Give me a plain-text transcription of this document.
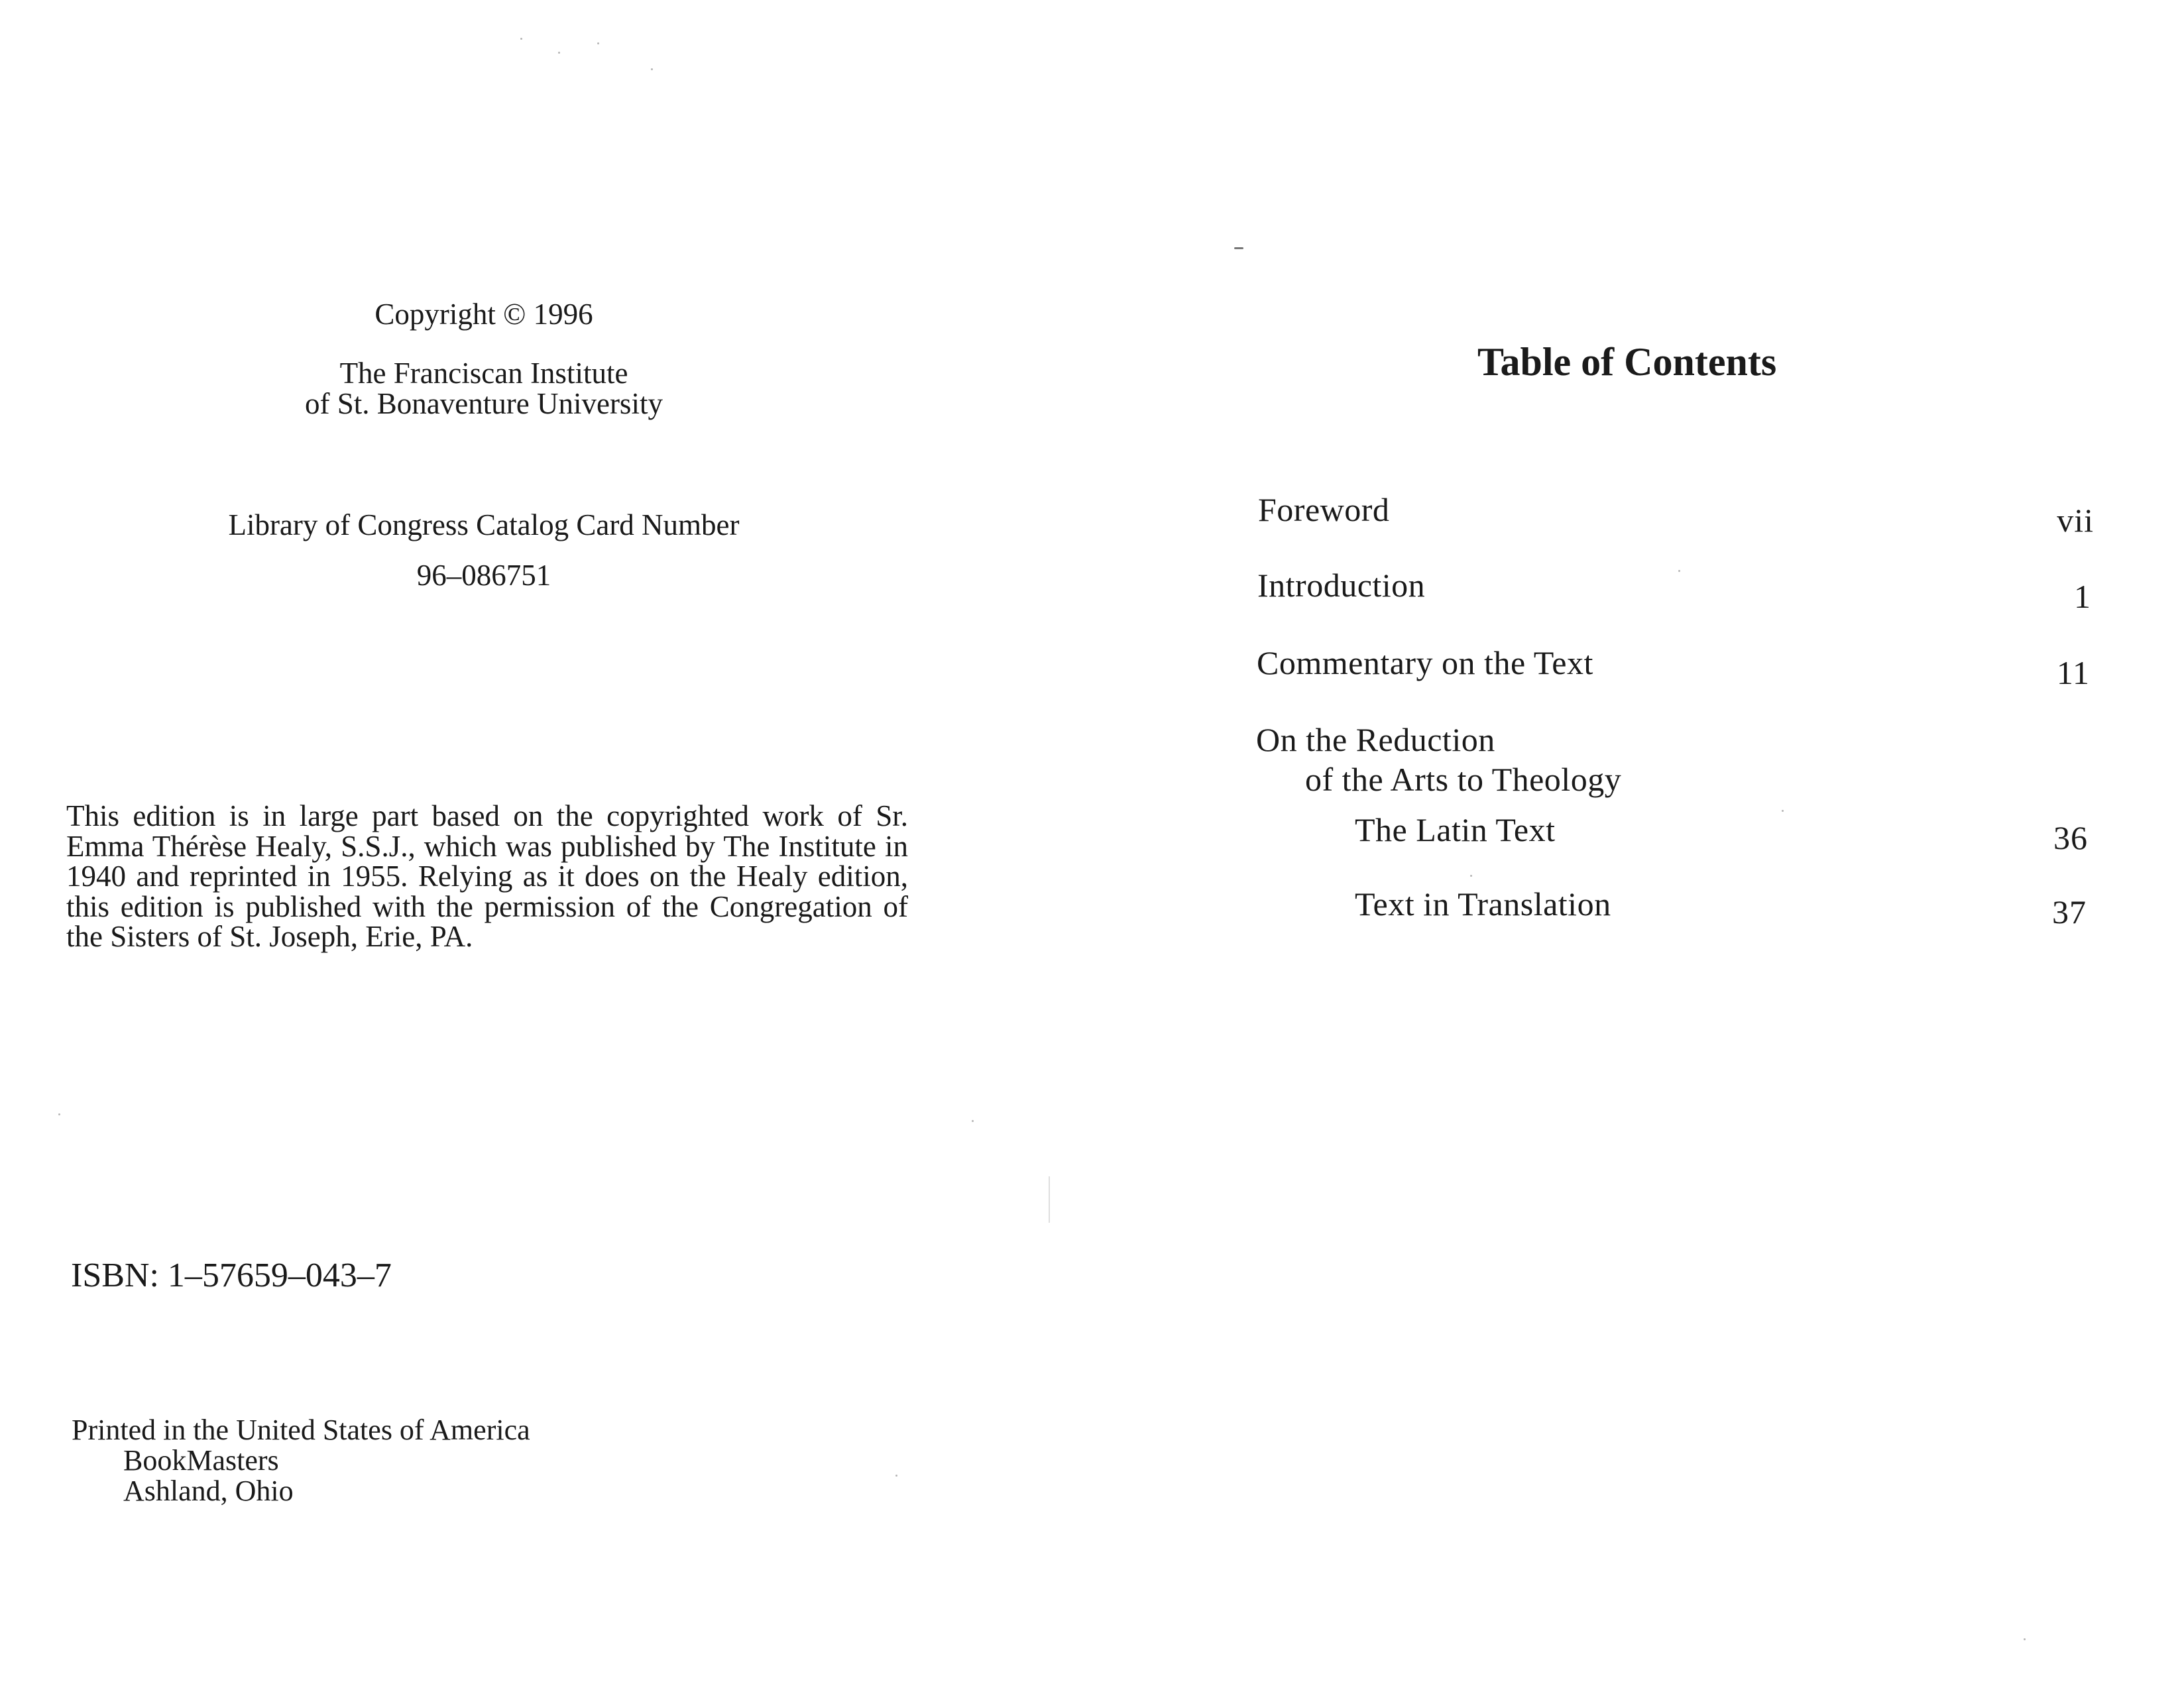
Copyright © 1996
The Franciscan Institute
of St. Bonaventure University
Library of Congress Catalog Card Number
96–086751
This edition is in large part based on the copyrighted work of Sr. Emma Thérèse Healy, S.S.J., which was published by The Institute in 1940 and reprinted in 1955. Relying as it does on the Healy edition, this edition is published with the permission of the Congregation of the Sisters of St. Joseph, Erie, PA.
ISBN: 1–57659–043–7
Printed in the United States of America
BookMasters
Ashland, Ohio
Table of Contents
Foreword	vii
Introduction	1
Commentary on the Text	11
On the Reduction
of the Arts to Theology
The Latin Text	36
Text in Translation	37
